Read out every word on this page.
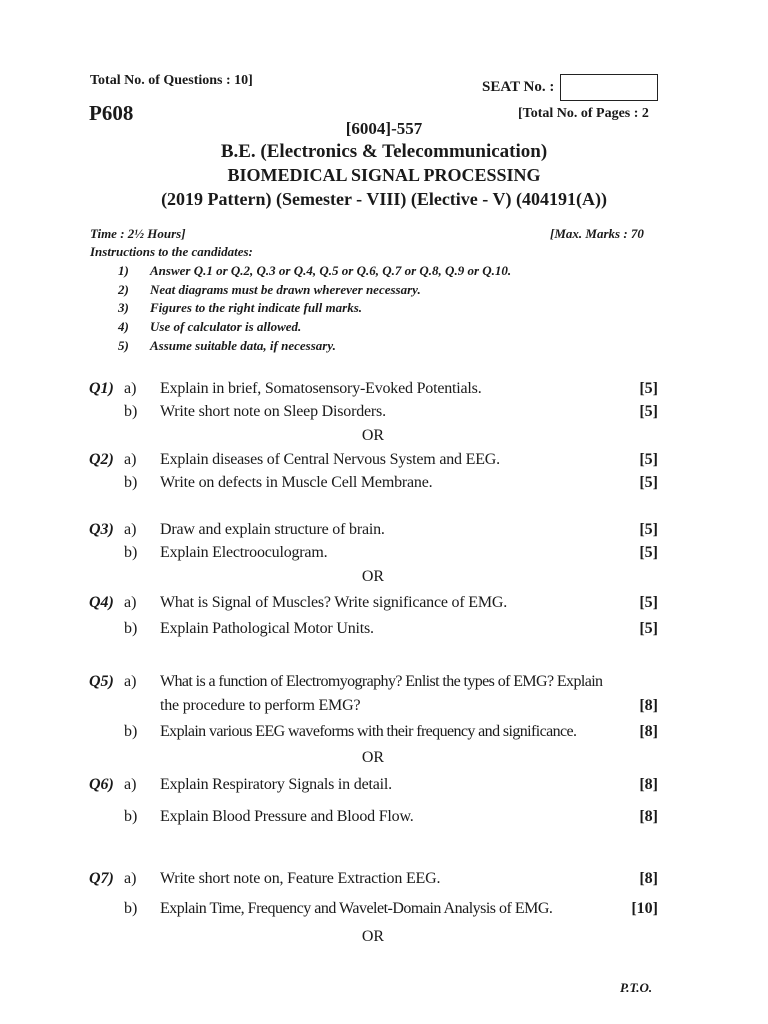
Total No. of Questions : 10]	SEAT No. :
P608	[Total No. of Pages : 2
[6004]-557
B.E. (Electronics & Telecommunication)
BIOMEDICAL SIGNAL PROCESSING
(2019 Pattern) (Semester - VIII) (Elective - V) (404191(A))
Time : 2½ Hours]	[Max. Marks : 70
Instructions to the candidates:
1) Answer Q.1 or Q.2, Q.3 or Q.4, Q.5 or Q.6, Q.7 or Q.8, Q.9 or Q.10.
2) Neat diagrams must be drawn wherever necessary.
3) Figures to the right indicate full marks.
4) Use of calculator is allowed.
5) Assume suitable data, if necessary.
Q1) a) Explain in brief, Somatosensory-Evoked Potentials.	[5]
b) Write short note on Sleep Disorders.	[5]
OR
Q2) a) Explain diseases of Central Nervous System and EEG.	[5]
b) Write on defects in Muscle Cell Membrane.	[5]
Q3) a) Draw and explain structure of brain.	[5]
b) Explain Electrooculogram.	[5]
OR
Q4) a) What is Signal of Muscles? Write significance of EMG.	[5]
b) Explain Pathological Motor Units.	[5]
Q5) a) What is a function of Electromyography? Enlist the types of EMG? Explain
the procedure to perform EMG?	[8]
b) Explain various EEG waveforms with their frequency and significance.	[8]
OR
Q6) a) Explain Respiratory Signals in detail.	[8]
b) Explain Blood Pressure and Blood Flow.	[8]
Q7) a) Write short note on, Feature Extraction EEG.	[8]
b) Explain Time, Frequency and Wavelet-Domain Analysis of EMG.	[10]
OR
P.T.O.
